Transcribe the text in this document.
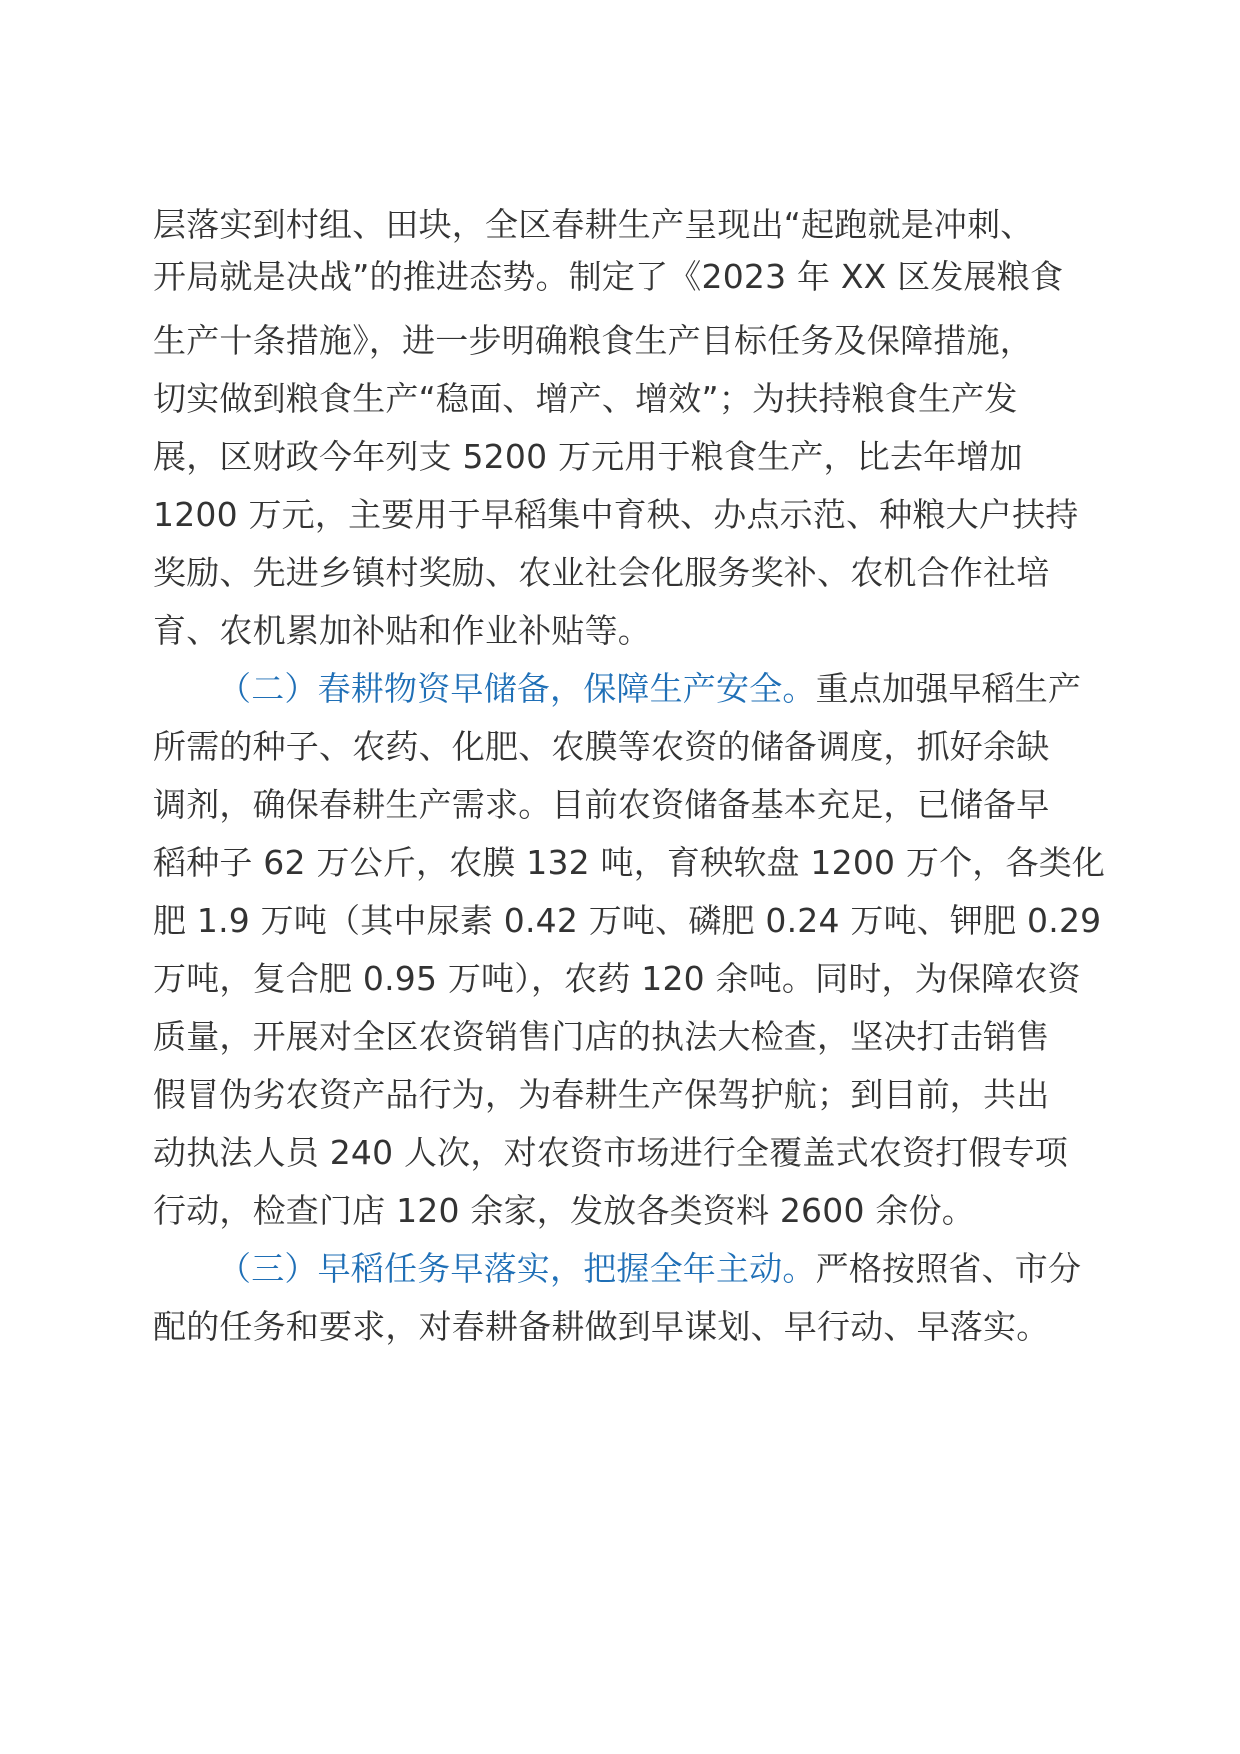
层落实到村组、田块，全区春耕生产呈现出“起跑就是冲刺、
开局就是决战”的推进态势。制定了《2023 年 XX 区发展粮食
生产十条措施》，进一步明确粮食生产目标任务及保障措施，
切实做到粮食生产“稳面、增产、增效”；为扶持粮食生产发
展，区财政今年列支 5200 万元用于粮食生产，比去年增加
1200 万元，主要用于早稻集中育秧、办点示范、种粮大户扶持
奖励、先进乡镇村奖励、农业社会化服务奖补、农机合作社培
育、农机累加补贴和作业补贴等。
（二）春耕物资早储备，保障生产安全。重点加强早稻生产
所需的种子、农药、化肥、农膜等农资的储备调度，抓好余缺
调剂，确保春耕生产需求。目前农资储备基本充足，已储备早
稻种子 62 万公斤，农膜 132 吨，育秧软盘 1200 万个，各类化
肥 1.9 万吨（其中尿素 0.42 万吨、磷肥 0.24 万吨、钾肥 0.29
万吨，复合肥 0.95 万吨），农药 120 余吨。同时，为保障农资
质量，开展对全区农资销售门店的执法大检查，坚决打击销售
假冒伪劣农资产品行为，为春耕生产保驾护航；到目前，共出
动执法人员 240 人次，对农资市场进行全覆盖式农资打假专项
行动，检查门店 120 余家，发放各类资料 2600 余份。
（三）早稻任务早落实，把握全年主动。严格按照省、市分
配的任务和要求，对春耕备耕做到早谋划、早行动、早落实。
